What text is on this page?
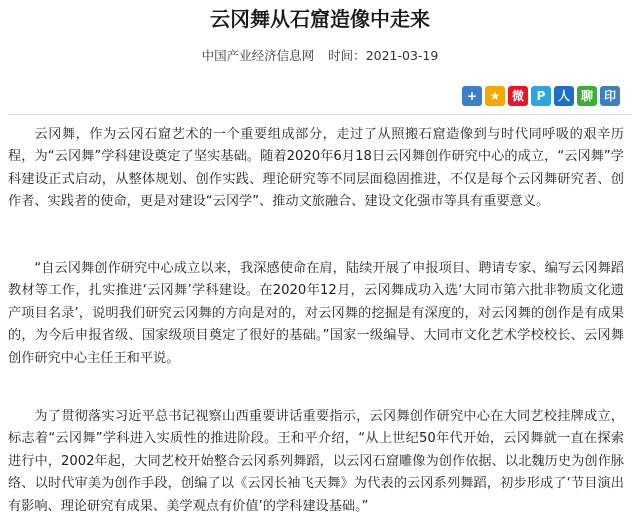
云冈舞从石窟造像中走来
中国产业经济信息网 时间：2021-03-19
+ ★ 微 P 人 聊 印

云冈舞，作为云冈石窟艺术的一个重要组成部分，走过了从照搬石窟造像到与时代同呼吸的艰辛历程，为“云冈舞”学科建设奠定了坚实基础。随着2020年6月18日云冈舞创作研究中心的成立，“云冈舞”学科建设正式启动，从整体规划、创作实践、理论研究等不同层面稳固推进，不仅是每个云冈舞研究者、创作者、实践者的使命，更是对建设“云冈学”、推动文旅融合、建设文化强市等具有重要意义。

“自云冈舞创作研究中心成立以来，我深感使命在肩，陆续开展了申报项目、聘请专家、编写云冈舞蹈教材等工作，扎实推进‘云冈舞’学科建设。在2020年12月，云冈舞成功入选‘大同市第六批非物质文化遗产项目名录’，说明我们研究云冈舞的方向是对的，对云冈舞的挖掘是有深度的，对云冈舞的创作是有成果的，为今后申报省级、国家级项目奠定了很好的基础。”国家一级编导、大同市文化艺术学校校长、云冈舞创作研究中心主任王和平说。

为了贯彻落实习近平总书记视察山西重要讲话重要指示，云冈舞创作研究中心在大同艺校挂牌成立，标志着“云冈舞”学科进入实质性的推进阶段。王和平介绍，“从上世纪50年代开始，云冈舞就一直在探索进行中，2002年起，大同艺校开始整合云冈系列舞蹈，以云冈石窟雕像为创作依据、以北魏历史为创作脉络、以时代审美为创作手段，创编了以《云冈长袖飞天舞》为代表的云冈系列舞蹈，初步形成了‘节目演出有影响、理论研究有成果、美学观点有价值’的学科建设基础。”
